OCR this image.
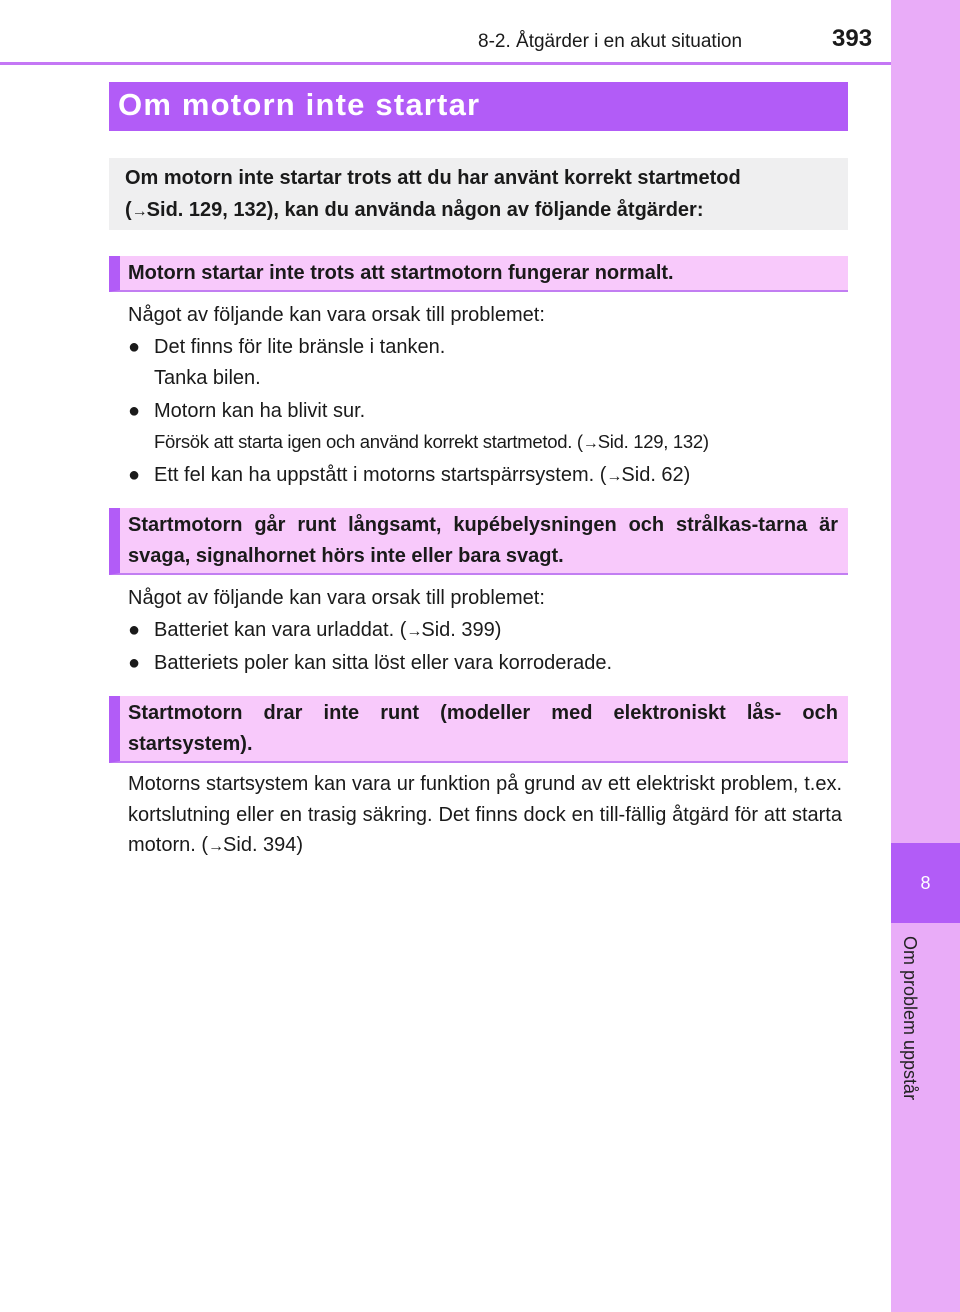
8
Om problem uppstår
8-2. Åtgärder i en akut situation	393
Om motorn inte startar
Om motorn inte startar trots att du har använt korrekt startmetod
(→Sid. 129, 132), kan du använda någon av följande åtgärder:
Motorn startar inte trots att startmotorn fungerar normalt.
Något av följande kan vara orsak till problemet:
● Det finns för lite bränsle i tanken.
Tanka bilen.
● Motorn kan ha blivit sur.
Försök att starta igen och använd korrekt startmetod. (→Sid. 129, 132)
● Ett fel kan ha uppstått i motorns startspärrsystem. (→Sid. 62)
Startmotorn går runt långsamt, kupébelysningen och strålkas-tarna är svaga, signalhornet hörs inte eller bara svagt.
Något av följande kan vara orsak till problemet:
● Batteriet kan vara urladdat. (→Sid. 399)
● Batteriets poler kan sitta löst eller vara korroderade.
Startmotorn drar inte runt (modeller med elektroniskt lås- och startsystem).
Motorns startsystem kan vara ur funktion på grund av ett elektriskt problem, t.ex. kortslutning eller en trasig säkring. Det finns dock en till-fällig åtgärd för att starta motorn. (→Sid. 394)
